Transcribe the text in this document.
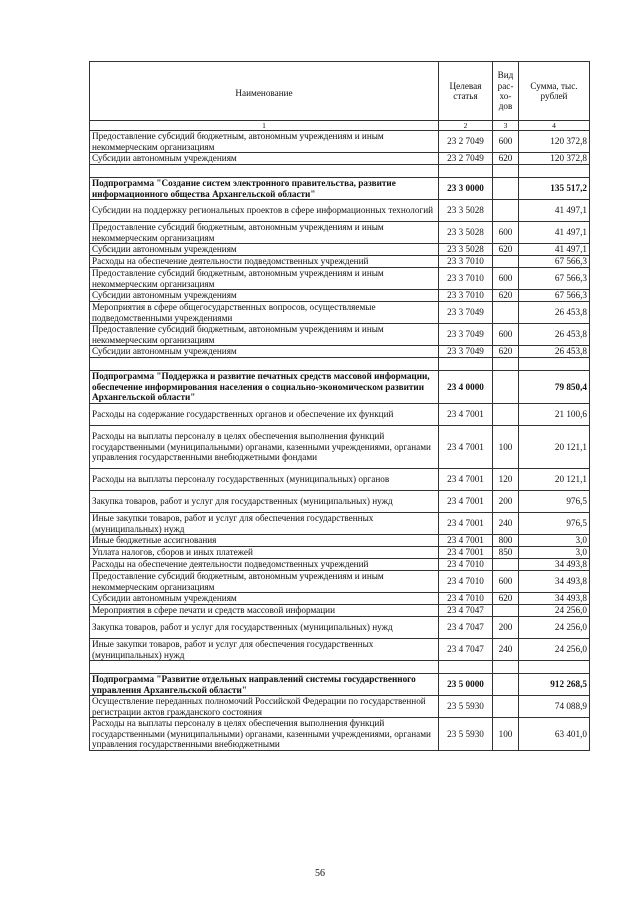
Наименование	Целевая статья	Вид рас-хо-дов	Сумма, тыс. рублей
1	2	3	4
Предоставление субсидий бюджетным, автономным учреждениям и иным некоммерческим организациям	23 2 7049	600	120 372,8
Субсидии автономным учреждениям	23 2 7049	620	120 372,8

Подпрограмма "Создание систем электронного правительства, развитие информационного общества Архангельской области"	23 3 0000		135 517,2
Субсидии на поддержку региональных проектов в сфере информационных технологий	23 3 5028		41 497,1
Предоставление субсидий бюджетным, автономным учреждениям и иным некоммерческим организациям	23 3 5028	600	41 497,1
Субсидии автономным учреждениям	23 3 5028	620	41 497,1
Расходы на обеспечение деятельности подведомственных учреждений	23 3 7010		67 566,3
Предоставление субсидий бюджетным, автономным учреждениям и иным некоммерческим организациям	23 3 7010	600	67 566,3
Субсидии автономным учреждениям	23 3 7010	620	67 566,3
Мероприятия в сфере общегосударственных вопросов, осуществляемые подведомственными учреждениями	23 3 7049		26 453,8
Предоставление субсидий бюджетным, автономным учреждениям и иным некоммерческим организациям	23 3 7049	600	26 453,8
Субсидии автономным учреждениям	23 3 7049	620	26 453,8

Подпрограмма "Поддержка и развитие печатных средств массовой информации, обеспечение информирования населения о социально-экономическом развитии Архангельской области"	23 4 0000		79 850,4
Расходы на содержание государственных органов и обеспечение их функций	23 4 7001		21 100,6
Расходы на выплаты персоналу в целях обеспечения выполнения функций государственными (муниципальными) органами, казенными учреждениями, органами управления государственными внебюджетными фондами	23 4 7001	100	20 121,1
Расходы на выплаты персоналу государственных (муниципальных) органов	23 4 7001	120	20 121,1
Закупка товаров, работ и услуг для государственных (муниципальных) нужд	23 4 7001	200	976,5
Иные закупки товаров, работ и услуг для обеспечения государственных (муниципальных) нужд	23 4 7001	240	976,5
Иные бюджетные ассигнования	23 4 7001	800	3,0
Уплата налогов, сборов и иных платежей	23 4 7001	850	3,0
Расходы на обеспечение деятельности подведомственных учреждений	23 4 7010		34 493,8
Предоставление субсидий бюджетным, автономным учреждениям и иным некоммерческим организациям	23 4 7010	600	34 493,8
Субсидии автономным учреждениям	23 4 7010	620	34 493,8
Мероприятия в сфере печати и средств массовой информации	23 4 7047		24 256,0
Закупка товаров, работ и услуг для государственных (муниципальных) нужд	23 4 7047	200	24 256,0
Иные закупки товаров, работ и услуг для обеспечения государственных (муниципальных) нужд	23 4 7047	240	24 256,0

Подпрограмма "Развитие отдельных направлений системы государственного управления Архангельской области"	23 5 0000		912 268,5
Осуществление переданных полномочий Российской Федерации по государственной регистрации актов гражданского состояния	23 5 5930		74 088,9
Расходы на выплаты персоналу в целях обеспечения выполнения функций государственными (муниципальными) органами, казенными учреждениями, органами управления государственными внебюджетными	23 5 5930	100	63 401,0
56
